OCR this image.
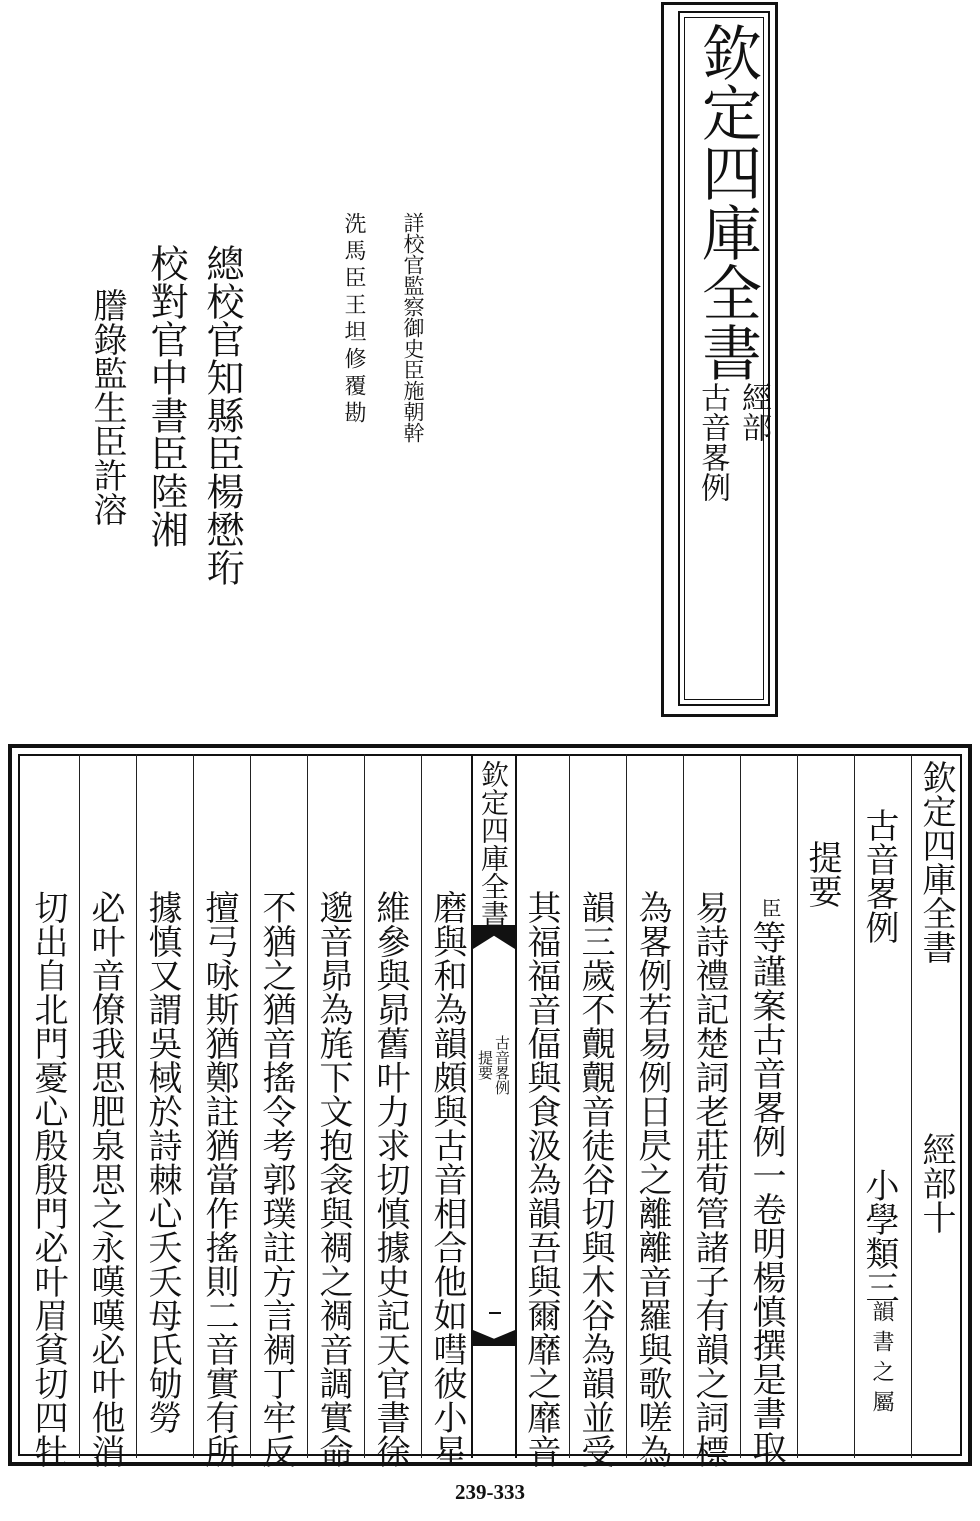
欽定四庫全書
經部
古音畧例
詳校官監察御史臣施朝幹
洗馬臣王坦修覆勘
總校官知縣臣楊懋珩
校對官中書臣陸湘
謄錄監生臣許溶
欽定四庫全書
古音畧例
提要
欽定四庫全書
經部十
古音畧例
小學類三
韻書之屬
提要
臣
等謹案古音畧例一卷明楊慎撰是書取
易詩禮記楚詞老莊荀管諸子有韻之詞標
為畧例若易例日昃之離離音羅與歌嗟為
韻三歲不覿覿音徒谷切與木谷為韻並受
其福福音偪與食汲為韻吾與爾靡之靡音
磨與和為韻頗與古音相合他如嘒彼小星
維參與昴舊叶力求切慎據史記天官書徐
邈音昴為旄下文抱衾與裯之裯音調實命
不猶之猶音搖令考郭璞註方言裯丁牢反
擅弓咏斯猶鄭註猶當作搖則二音實有所
據慎又謂吳棫於詩棘心夭夭母氏劬勞
必叶音僚我思肥泉思之永嘆嘆必叶他消
切出自北門憂心殷殷門必叶眉貧切四牡
239-333
